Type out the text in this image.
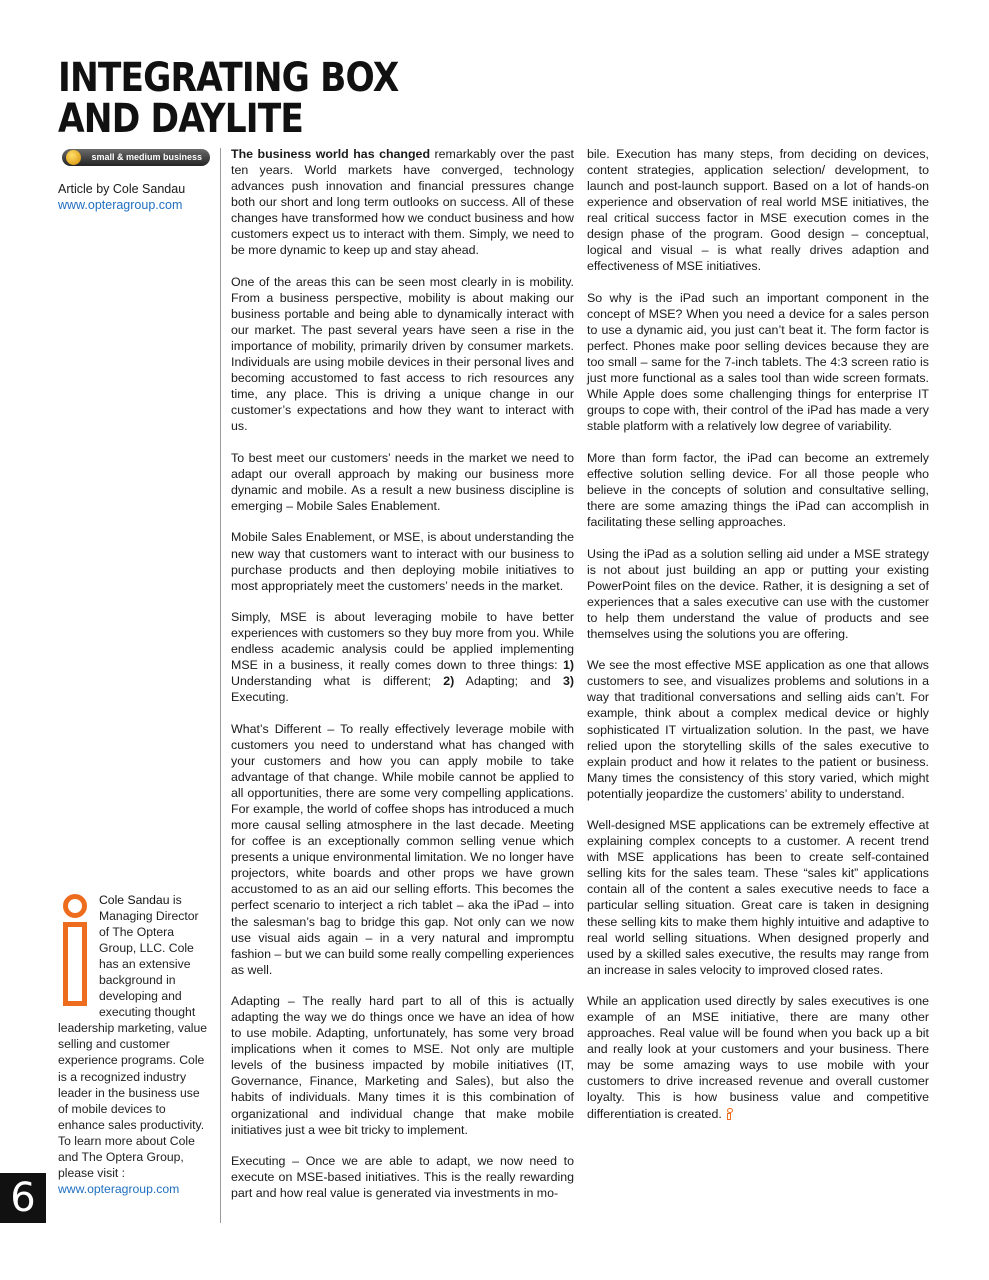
INTEGRATING BOX
AND DAYLITE
small & medium business
Article by Cole Sandau
www.opteragroup.com

The business world has changed remarkably over the past ten years. World markets have converged, technology advances push innovation and financial pressures change both our short and long term outlooks on success. All of these changes have transformed how we conduct business and how customers expect us to interact with them. Simply, we need to be more dynamic to keep up and stay ahead.

One of the areas this can be seen most clearly in is mobility. From a business perspective, mobility is about making our business portable and being able to dynamically interact with our market. The past several years have seen a rise in the importance of mobility, primarily driven by consumer markets. Individuals are using mobile devices in their personal lives and becoming accustomed to fast access to rich resources any time, any place. This is driving a unique change in our customer’s expectations and how they want to interact with us.

To best meet our customers’ needs in the market we need to adapt our overall approach by making our business more dynamic and mobile. As a result a new business discipline is emerging – Mobile Sales Enablement.

Mobile Sales Enablement, or MSE, is about understanding the new way that customers want to interact with our business to purchase products and then deploying mobile initiatives to most appropriately meet the customers’ needs in the market.

Simply, MSE is about leveraging mobile to have better experiences with customers so they buy more from you. While endless academic analysis could be applied implementing MSE in a business, it really comes down to three things: 1) Understanding what is different; 2) Adapting; and 3) Executing.

What’s Different – To really effectively leverage mobile with customers you need to understand what has changed with your customers and how you can apply mobile to take advantage of that change. While mobile cannot be applied to all opportunities, there are some very compelling applications. For example, the world of coffee shops has introduced a much more causal selling atmosphere in the last decade. Meeting for coffee is an exceptionally common selling venue which presents a unique environmental limitation. We no longer have projectors, white boards and other props we have grown accustomed to as an aid our selling efforts. This becomes the perfect scenario to interject a rich tablet – aka the iPad – into the salesman’s bag to bridge this gap. Not only can we now use visual aids again – in a very natural and impromptu fashion – but we can build some really compelling experiences as well.

Adapting – The really hard part to all of this is actually adapting the way we do things once we have an idea of how to use mobile. Adapting, unfortunately, has some very broad implications when it comes to MSE. Not only are multiple levels of the business impacted by mobile initiatives (IT, Governance, Finance, Marketing and Sales), but also the habits of individuals. Many times it is this combination of organizational and individual change that make mobile initiatives just a wee bit tricky to implement.

Executing – Once we are able to adapt, we now need to execute on MSE-based initiatives. This is the really rewarding part and how real value is generated via investments in mo-

bile. Execution has many steps, from deciding on devices, content strategies, application selection/ development, to launch and post-launch support. Based on a lot of hands-on experience and observation of real world MSE initiatives, the real critical success factor in MSE execution comes in the design phase of the program. Good design – conceptual, logical and visual – is what really drives adaption and effectiveness of MSE initiatives.

So why is the iPad such an important component in the concept of MSE? When you need a device for a sales person to use a dynamic aid, you just can’t beat it. The form factor is perfect. Phones make poor selling devices because they are too small – same for the 7-inch tablets. The 4:3 screen ratio is just more functional as a sales tool than wide screen formats. While Apple does some challenging things for enterprise IT groups to cope with, their control of the iPad has made a very stable platform with a relatively low degree of variability.

More than form factor, the iPad can become an extremely effective solution selling device. For all those people who believe in the concepts of solution and consultative selling, there are some amazing things the iPad can accomplish in facilitating these selling approaches.

Using the iPad as a solution selling aid under a MSE strategy is not about just building an app or putting your existing PowerPoint files on the device. Rather, it is designing a set of experiences that a sales executive can use with the customer to help them understand the value of products and see themselves using the solutions you are offering.

We see the most effective MSE application as one that allows customers to see, and visualizes problems and solutions in a way that traditional conversations and selling aids can’t. For example, think about a complex medical device or highly sophisticated IT virtualization solution. In the past, we have relied upon the storytelling skills of the sales executive to explain product and how it relates to the patient or business. Many times the consistency of this story varied, which might potentially jeopardize the customers’ ability to understand.

Well-designed MSE applications can be extremely effective at explaining complex concepts to a customer. A recent trend with MSE applications has been to create self-contained selling kits for the sales team. These “sales kit” applications contain all of the content a sales executive needs to face a particular selling situation. Great care is taken in designing these selling kits to make them highly intuitive and adaptive to real world selling situations. When designed properly and used by a skilled sales executive, the results may range from an increase in sales velocity to improved closed rates.

While an application used directly by sales executives is one example of an MSE initiative, there are many other approaches. Real value will be found when you back up a bit and really look at your customers and your business. There may be some amazing ways to use mobile with your customers to drive increased revenue and overall customer loyalty. This is how business value and competitive differentiation is created.

Cole Sandau is Managing Director of The Optera Group, LLC. Cole has an extensive background in developing and executing thought leadership marketing, value selling and customer experience programs. Cole is a recognized industry leader in the business use of mobile devices to enhance sales productivity. To learn more about Cole and The Optera Group, please visit :
www.opteragroup.com
6
